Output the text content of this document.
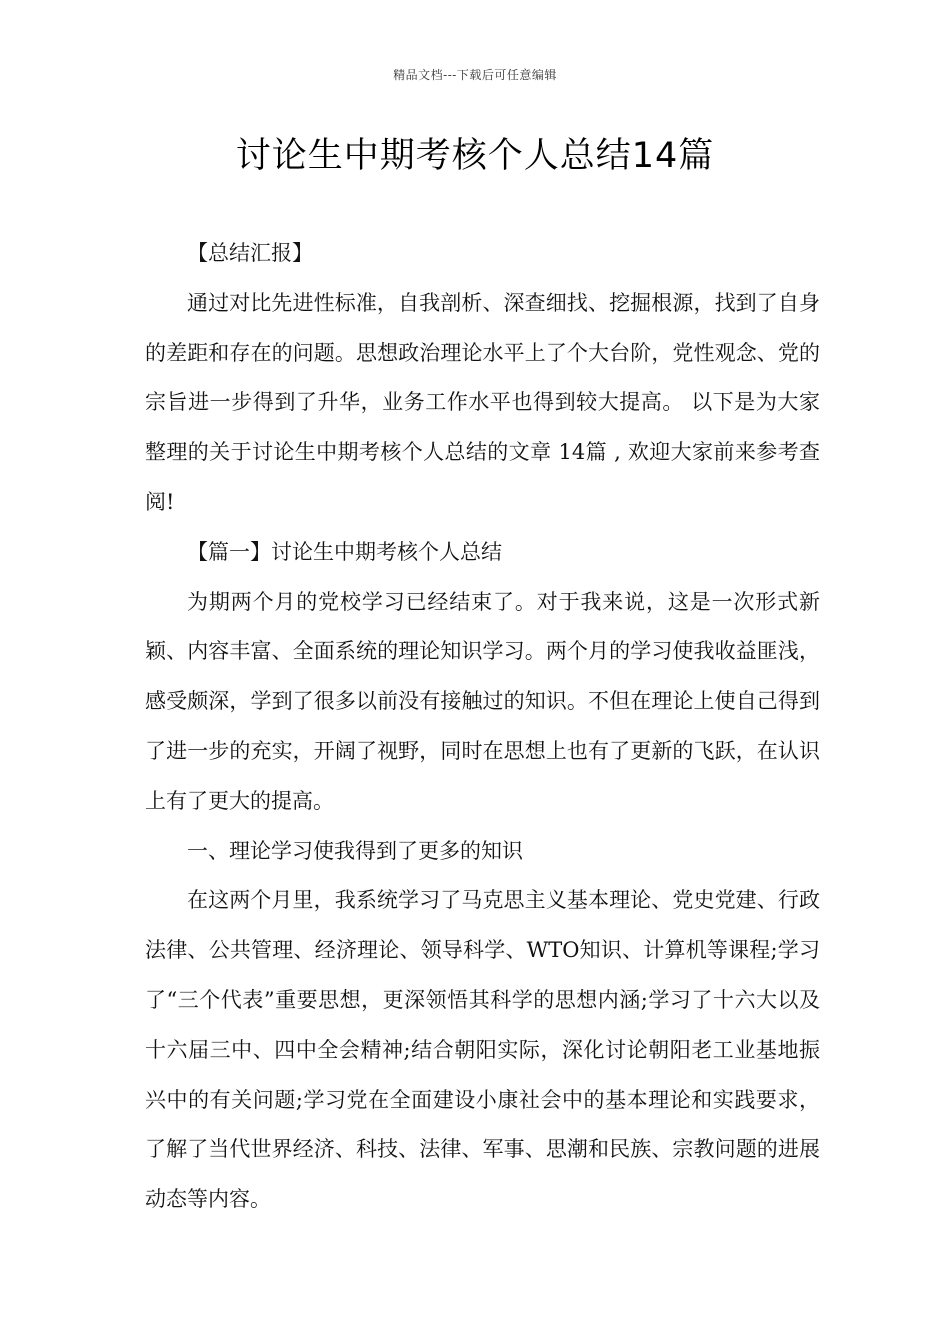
精品文档---下载后可任意编辑
讨论生中期考核个人总结14篇

【总结汇报】

通过对比先进性标准，自我剖析、深查细找、挖掘根源，找到了自身的差距和存在的问题。思想政治理论水平上了个大台阶，党性观念、党的宗旨进一步得到了升华，业务工作水平也得到较大提高。 以下是为大家整理的关于讨论生中期考核个人总结的文章 14篇 , 欢迎大家前来参考查阅!

【篇一】讨论生中期考核个人总结

为期两个月的党校学习已经结束了。对于我来说，这是一次形式新颖、内容丰富、全面系统的理论知识学习。两个月的学习使我收益匪浅，感受颇深，学到了很多以前没有接触过的知识。不但在理论上使自己得到了进一步的充实，开阔了视野，同时在思想上也有了更新的飞跃，在认识上有了更大的提高。

一、理论学习使我得到了更多的知识

在这两个月里，我系统学习了马克思主义基本理论、党史党建、行政法律、公共管理、经济理论、领导科学、WTO知识、计算机等课程;学习了“三个代表”重要思想，更深领悟其科学的思想内涵;学习了十六大以及十六届三中、四中全会精神;结合朝阳实际，深化讨论朝阳老工业基地振兴中的有关问题;学习党在全面建设小康社会中的基本理论和实践要求，了解了当代世界经济、科技、法律、军事、思潮和民族、宗教问题的进展动态等内容。
